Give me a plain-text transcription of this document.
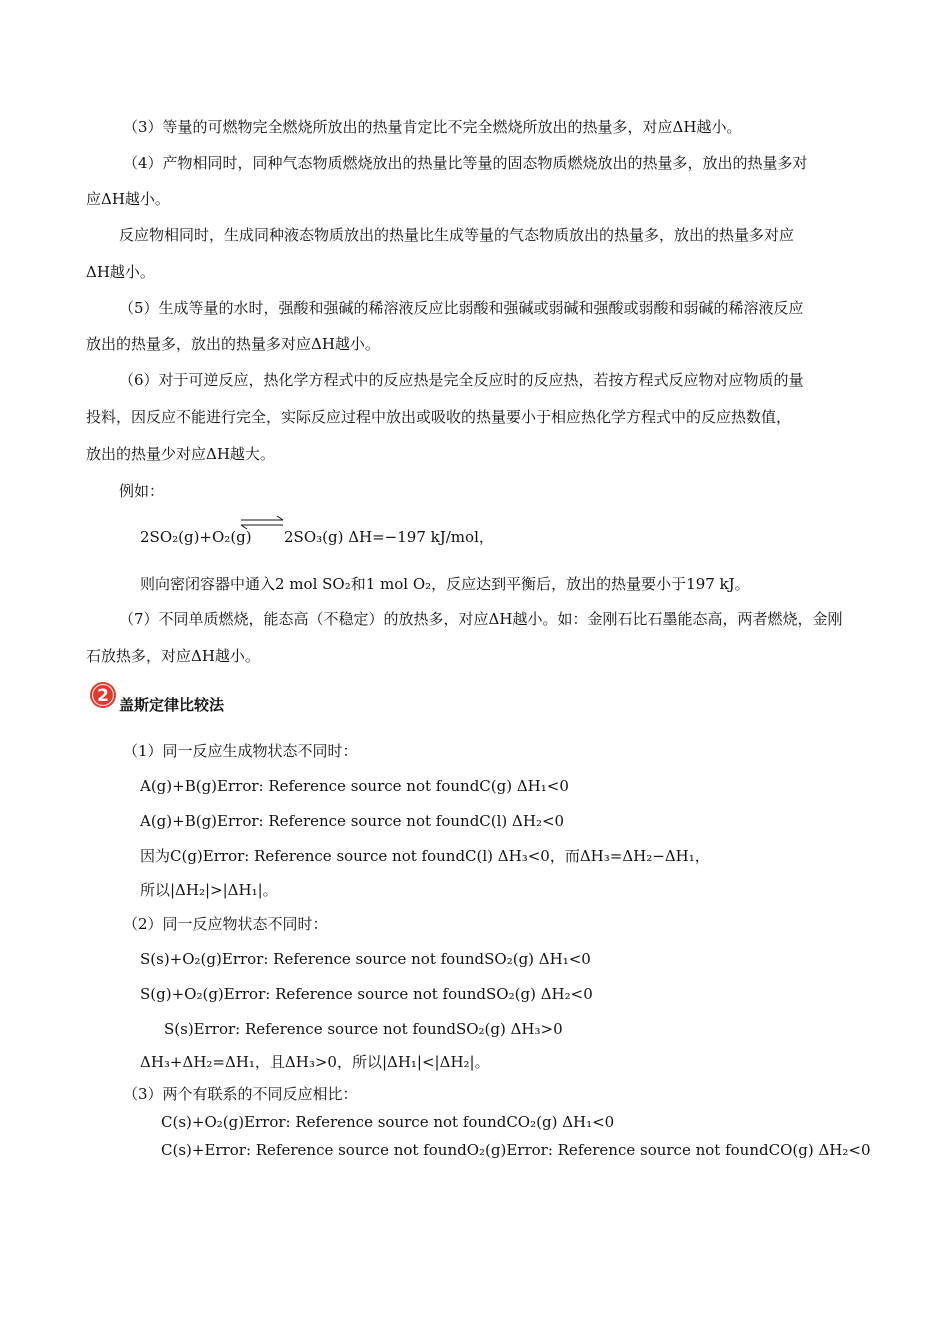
（3）等量的可燃物完全燃烧所放出的热量肯定比不完全燃烧所放出的热量多，对应ΔH越小。
（4）产物相同时，同种气态物质燃烧放出的热量比等量的固态物质燃烧放出的热量多，放出的热量多对
应ΔH越小。
反应物相同时，生成同种液态物质放出的热量比生成等量的气态物质放出的热量多，放出的热量多对应
ΔH越小。
（5）生成等量的水时，强酸和强碱的稀溶液反应比弱酸和强碱或弱碱和强酸或弱酸和弱碱的稀溶液反应
放出的热量多，放出的热量多对应ΔH越小。
（6）对于可逆反应，热化学方程式中的反应热是完全反应时的反应热，若按方程式反应物对应物质的量
投料，因反应不能进行完全，实际反应过程中放出或吸收的热量要小于相应热化学方程式中的反应热数值，
放出的热量少对应ΔH越大。
例如：
2SO₂(g)+O₂(g) 2SO₃(g) ΔH=−197 kJ/mol，
则向密闭容器中通入2 mol SO₂和1 mol O₂，反应达到平衡后，放出的热量要小于197 kJ。
（7）不同单质燃烧，能态高（不稳定）的放热多，对应ΔH越小。如：金刚石比石墨能态高，两者燃烧，金刚
石放热多，对应ΔH越小。
2 盖斯定律比较法
（1）同一反应生成物状态不同时：
A(g)+B(g)Error: Reference source not foundC(g) ΔH₁<0
A(g)+B(g)Error: Reference source not foundC(l) ΔH₂<0
因为C(g)Error: Reference source not foundC(l) ΔH₃<0，而ΔH₃=ΔH₂−ΔH₁，
所以|ΔH₂|>|ΔH₁|。
（2）同一反应物状态不同时：
S(s)+O₂(g)Error: Reference source not foundSO₂(g) ΔH₁<0
S(g)+O₂(g)Error: Reference source not foundSO₂(g) ΔH₂<0
S(s)Error: Reference source not foundSO₂(g) ΔH₃>0
ΔH₃+ΔH₂=ΔH₁，且ΔH₃>0，所以|ΔH₁|<|ΔH₂|。
（3）两个有联系的不同反应相比：
C(s)+O₂(g)Error: Reference source not foundCO₂(g) ΔH₁<0
C(s)+Error: Reference source not foundO₂(g)Error: Reference source not foundCO(g) ΔH₂<0
